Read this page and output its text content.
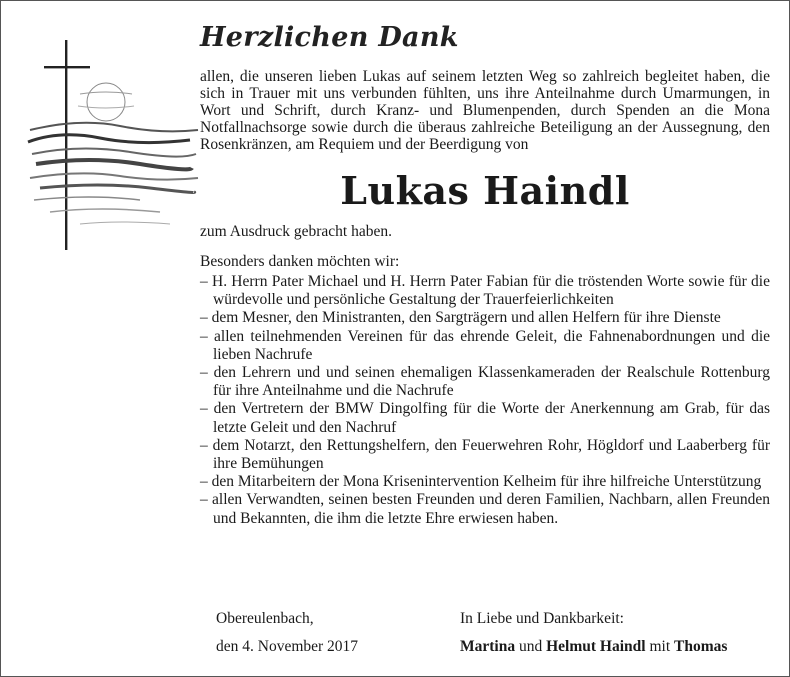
Herzlichen Dank

allen, die unseren lieben Lukas auf seinem letzten Weg so zahlreich begleitet haben, die sich in Trauer mit uns verbunden fühlten, uns ihre Anteilnahme durch Umarmungen, in Wort und Schrift, durch Kranz- und Blumenpenden, durch Spenden an die Mona Notfallnachsorge sowie durch die überaus zahlreiche Beteiligung an der Aussegnung, den Rosenkränzen, am Requiem und der Beerdigung von

Lukas Haindl

zum Ausdruck gebracht haben.

Besonders danken möchten wir:

– H. Herrn Pater Michael und H. Herrn Pater Fabian für die tröstenden Worte sowie für die würdevolle und persönliche Gestaltung der Trauerfeierlichkeiten
– dem Mesner, den Ministranten, den Sargträgern und allen Helfern für ihre Dienste
– allen teilnehmenden Vereinen für das ehrende Geleit, die Fahnenabordnungen und die lieben Nachrufe
– den Lehrern und und seinen ehemaligen Klassenkameraden der Realschule Rottenburg für ihre Anteilnahme und die Nachrufe
– den Vertretern der BMW Dingolfing für die Worte der Anerkennung am Grab, für das letzte Geleit und den Nachruf
– dem Notarzt, den Rettungshelfern, den Feuerwehren Rohr, Högldorf und Laaberberg für ihre Bemühungen
– den Mitarbeitern der Mona Krisenintervention Kelheim für ihre hilfreiche Unterstützung
– allen Verwandten, seinen besten Freunden und deren Familien, Nachbarn, allen Freunden und Bekannten, die ihm die letzte Ehre erwiesen haben.
Obereulenbach,
den 4. November 2017
In Liebe und Dankbarkeit:
Martina und Helmut Haindl mit Thomas
